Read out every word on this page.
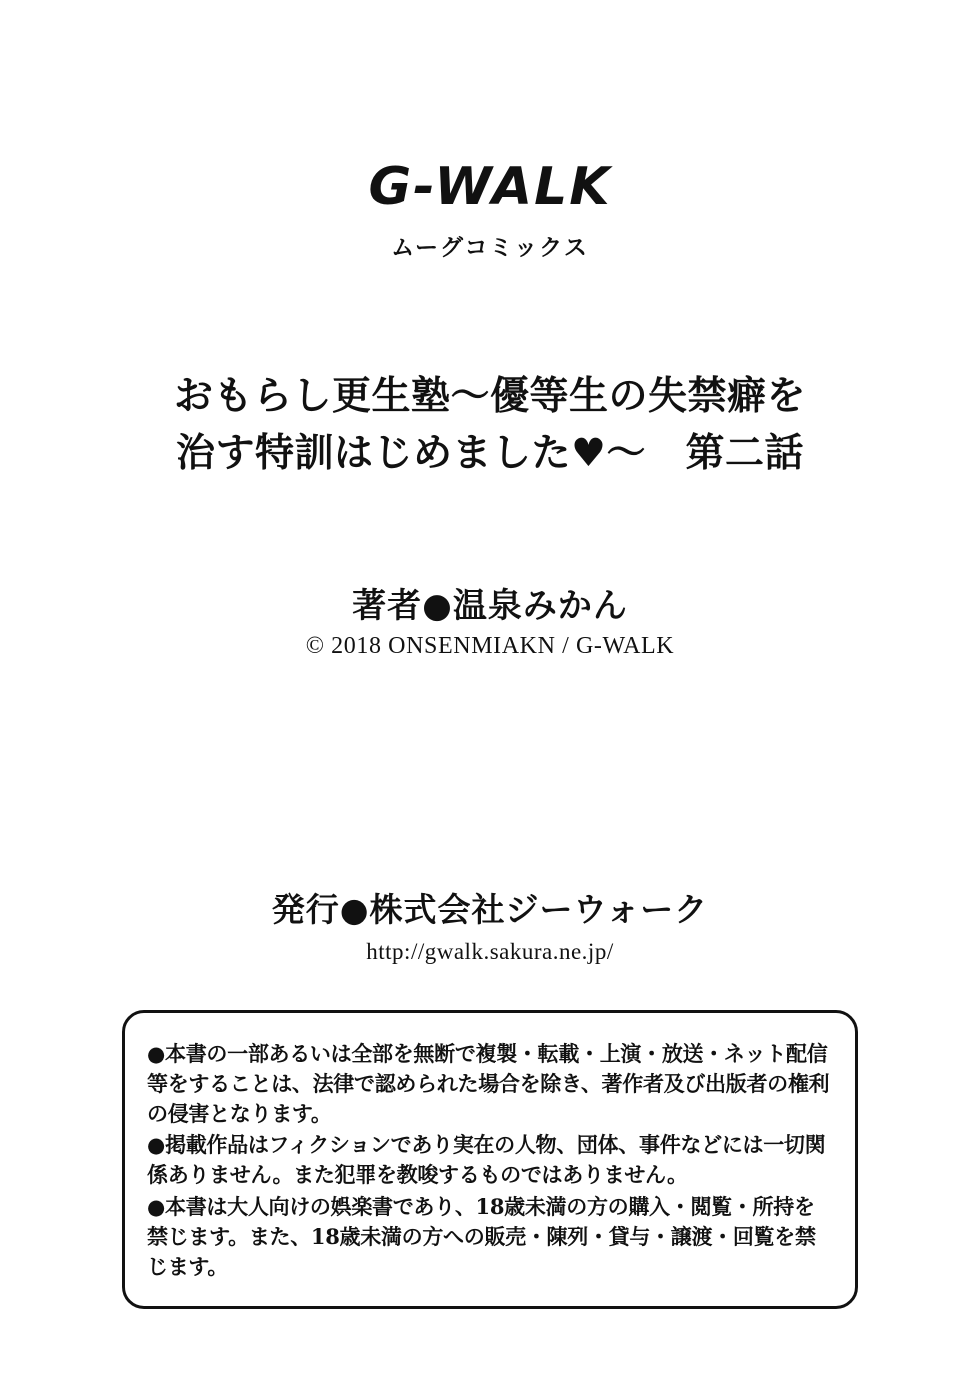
G-WALK
ムーグコミックス
おもらし更生塾〜優等生の失禁癖を
治す特訓はじめました♥〜　第二話
著者●温泉みかん
© 2018 ONSENMIAKN / G-WALK
発行●株式会社ジーウォーク
http://gwalk.sakura.ne.jp/

●本書の一部あるいは全部を無断で複製・転載・上演・放送・ネット配信等をすることは、法律で認められた場合を除き、著作者及び出版者の権利の侵害となります。

●掲載作品はフィクションであり実在の人物、団体、事件などには一切関係ありません。また犯罪を教唆するものではありません。

●本書は大人向けの娯楽書であり、18歳未満の方の購入・閲覧・所持を禁じます。また、18歳未満の方への販売・陳列・貸与・譲渡・回覧を禁じます。
